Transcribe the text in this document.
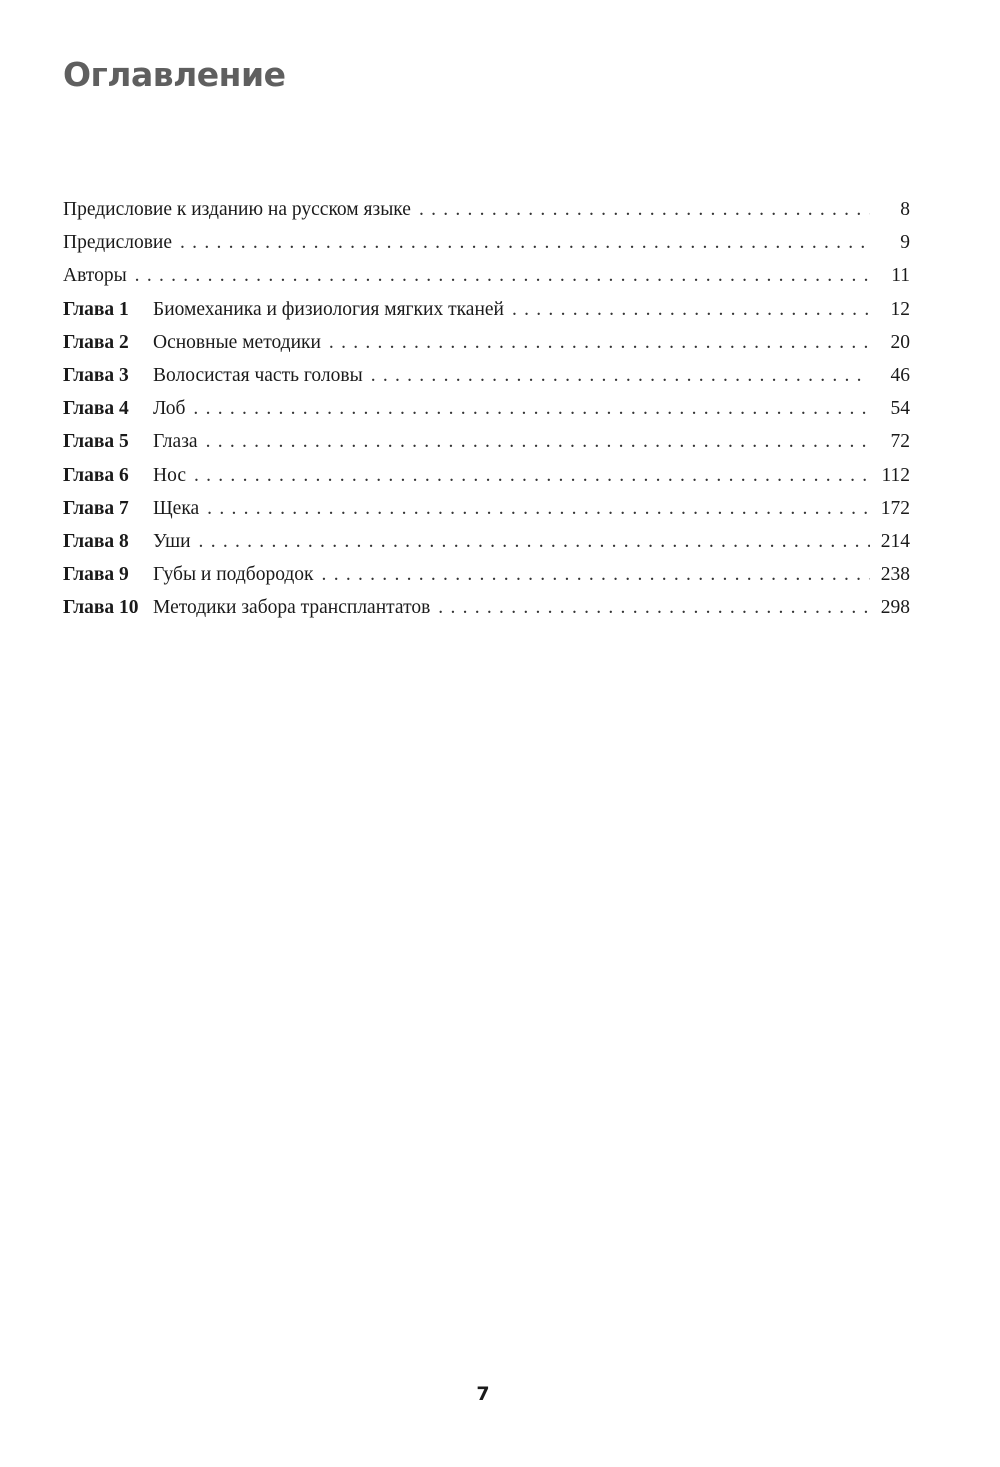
Оглавление
Предисловие к изданию на русском языке . . .	8
Предисловие . . .	9
Авторы . . .	11
Глава 1	Биомеханика и физиология мягких тканей . . .	12
Глава 2	Основные методики . . .	20
Глава 3	Волосистая часть головы . . .	46
Глава 4	Лоб . . .	54
Глава 5	Глаза . . .	72
Глава 6	Нос . . .	112
Глава 7	Щека . . .	172
Глава 8	Уши . . .	214
Глава 9	Губы и подбородок . . .	238
Глава 10 Методики забора трансплантатов . . .	298
7
